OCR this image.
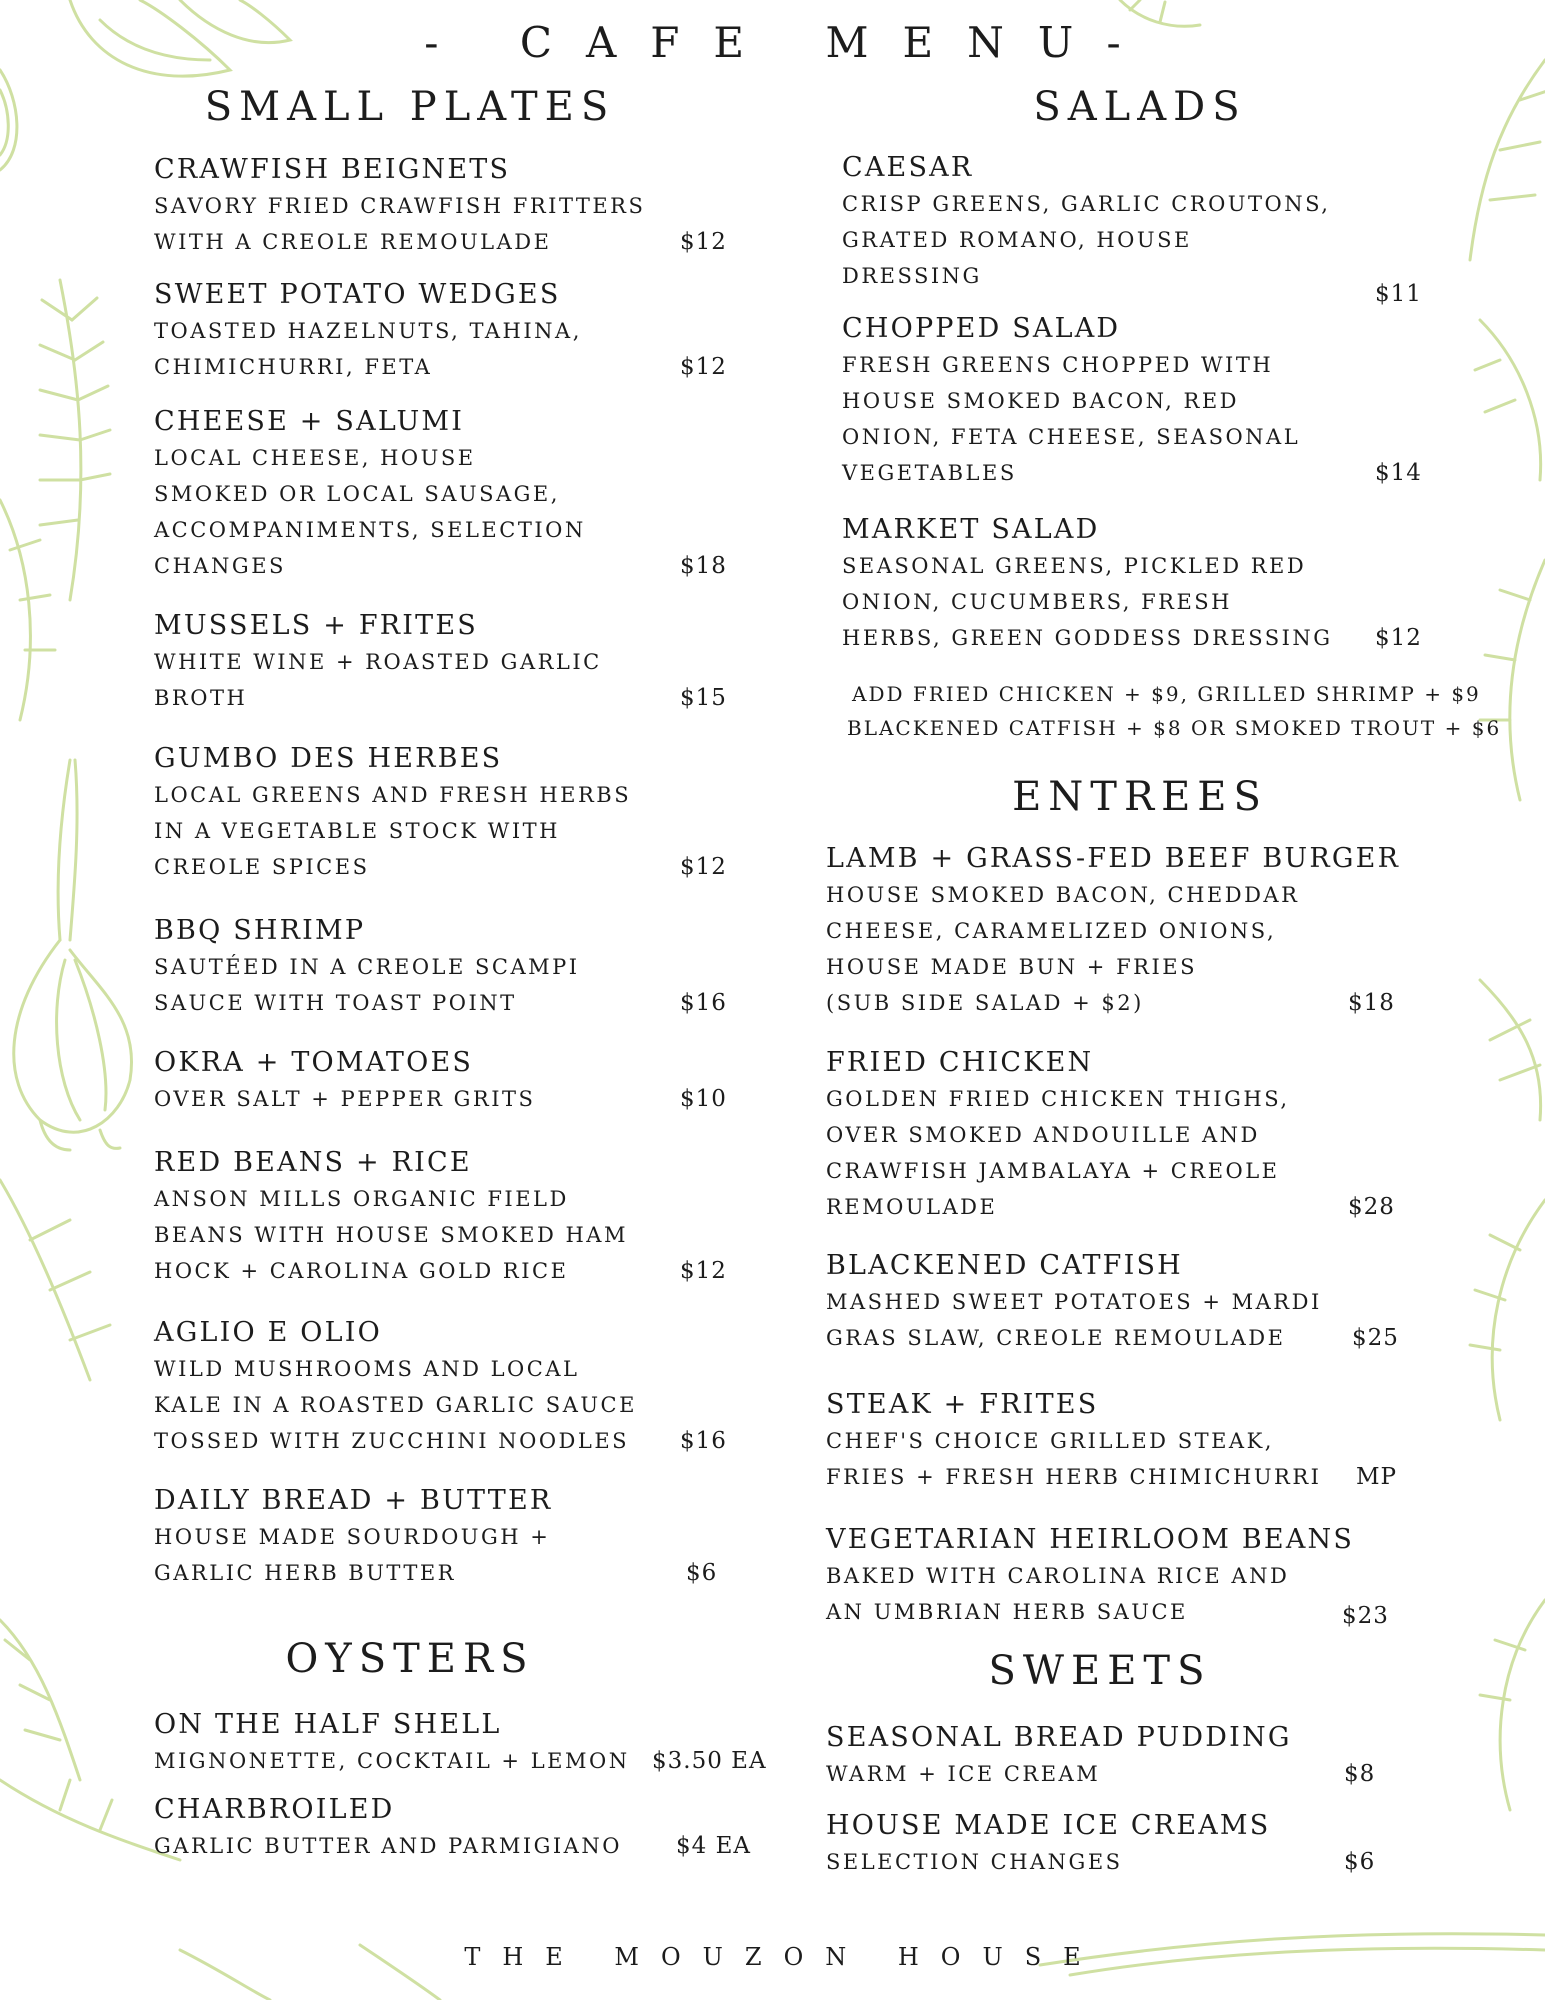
- CAFE MENU-
SMALL PLATES
CRAWFISH BEIGNETS
SAVORY FRIED CRAWFISH FRITTERS
WITH A CREOLE REMOULADE	$12
SWEET POTATO WEDGES
TOASTED HAZELNUTS, TAHINA,
CHIMICHURRI, FETA	$12
CHEESE + SALUMI
LOCAL CHEESE, HOUSE
SMOKED OR LOCAL SAUSAGE,
ACCOMPANIMENTS, SELECTION
CHANGES	$18
MUSSELS + FRITES
WHITE WINE + ROASTED GARLIC
BROTH	$15
GUMBO DES HERBES
LOCAL GREENS AND FRESH HERBS
IN A VEGETABLE STOCK WITH
CREOLE SPICES	$12
BBQ SHRIMP
SAUTÉED IN A CREOLE SCAMPI
SAUCE WITH TOAST POINT	$16
OKRA + TOMATOES
OVER SALT + PEPPER GRITS	$10
RED BEANS + RICE
ANSON MILLS ORGANIC FIELD
BEANS WITH HOUSE SMOKED HAM
HOCK + CAROLINA GOLD RICE	$12
AGLIO E OLIO
WILD MUSHROOMS AND LOCAL
KALE IN A ROASTED GARLIC SAUCE
TOSSED WITH ZUCCHINI NOODLES	$16
DAILY BREAD + BUTTER
HOUSE MADE SOURDOUGH +
GARLIC HERB BUTTER	$6
OYSTERS
ON THE HALF SHELL
MIGNONETTE, COCKTAIL + LEMON $3.50 EA
CHARBROILED
GARLIC BUTTER AND PARMIGIANO	$4 EA
SALADS
CAESAR
CRISP GREENS, GARLIC CROUTONS,
GRATED ROMANO, HOUSE
DRESSING
$11
CHOPPED SALAD
FRESH GREENS CHOPPED WITH
HOUSE SMOKED BACON, RED
ONION, FETA CHEESE, SEASONAL
VEGETABLES	$14
MARKET SALAD
SEASONAL GREENS, PICKLED RED
ONION, CUCUMBERS, FRESH
HERBS, GREEN GODDESS DRESSING	$12
ADD FRIED CHICKEN + $9, GRILLED SHRIMP + $9
BLACKENED CATFISH + $8 OR SMOKED TROUT + $6
ENTREES
LAMB + GRASS-FED BEEF BURGER
HOUSE SMOKED BACON, CHEDDAR
CHEESE, CARAMELIZED ONIONS,
HOUSE MADE BUN + FRIES
(SUB SIDE SALAD + $2)	$18
FRIED CHICKEN
GOLDEN FRIED CHICKEN THIGHS,
OVER SMOKED ANDOUILLE AND
CRAWFISH JAMBALAYA + CREOLE
REMOULADE	$28
BLACKENED CATFISH
MASHED SWEET POTATOES + MARDI
GRAS SLAW, CREOLE REMOULADE	$25
STEAK + FRITES
CHEF'S CHOICE GRILLED STEAK,
FRIES + FRESH HERB CHIMICHURRI	MP
VEGETARIAN HEIRLOOM BEANS
BAKED WITH CAROLINA RICE AND
AN UMBRIAN HERB SAUCE	$23
SWEETS
SEASONAL BREAD PUDDING
WARM + ICE CREAM	$8
HOUSE MADE ICE CREAMS
SELECTION CHANGES	$6
THE MOUZON HOUSE
